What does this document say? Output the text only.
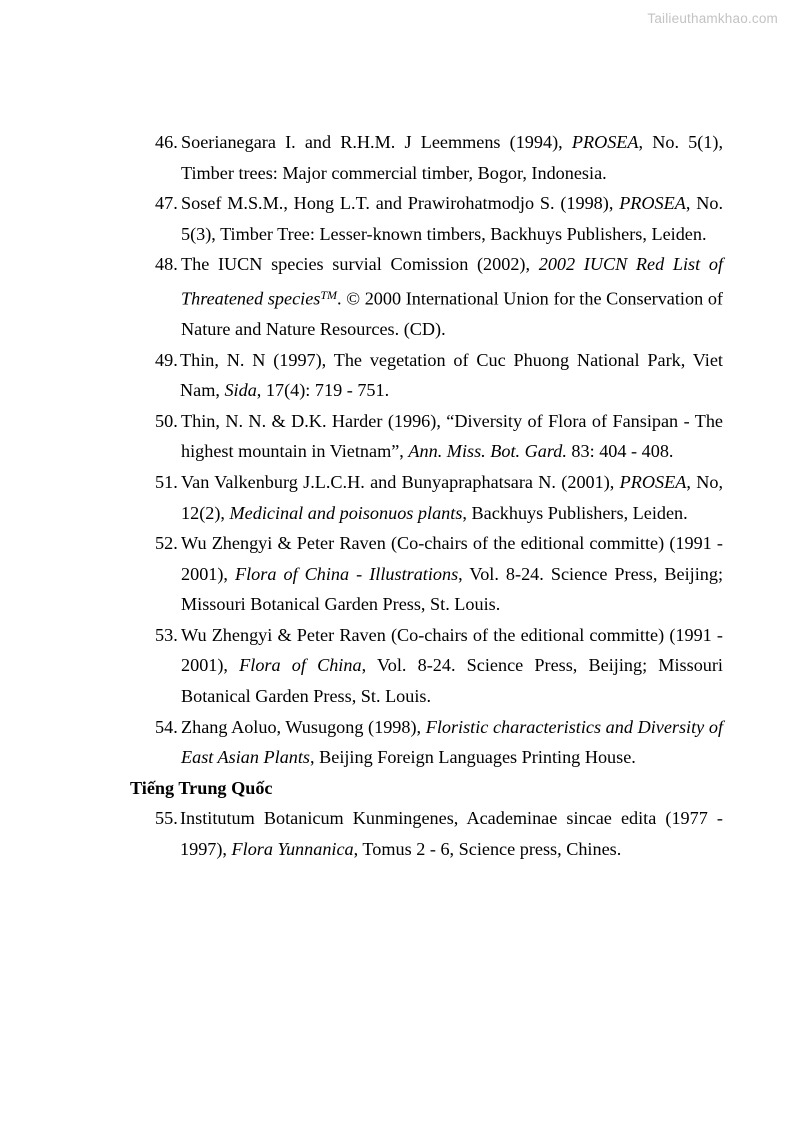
Tailieuthamkhao.com
46. Soerianegara I. and R.H.M. J Leemmens (1994), PROSEA, No. 5(1), Timber trees: Major commercial timber, Bogor, Indonesia.
47. Sosef M.S.M., Hong L.T. and Prawirohatmodjo S. (1998), PROSEA, No. 5(3), Timber Tree: Lesser-known timbers, Backhuys Publishers, Leiden.
48. The IUCN species survial Comission (2002), 2002 IUCN Red List of Threatened species™. © 2000 International Union for the Conservation of Nature and Nature Resources. (CD).
49. Thin, N. N (1997), The vegetation of Cuc Phuong National Park, Viet Nam, Sida, 17(4): 719 - 751.
50. Thin, N. N. & D.K. Harder (1996), “Diversity of Flora of Fansipan - The highest mountain in Vietnam”, Ann. Miss. Bot. Gard. 83: 404 - 408.
51. Van Valkenburg J.L.C.H. and Bunyapraphatsara N. (2001), PROSEA, No, 12(2), Medicinal and poisonuos plants, Backhuys Publishers, Leiden.
52. Wu Zhengyi & Peter Raven (Co-chairs of the editional committe) (1991 - 2001), Flora of China - Illustrations, Vol. 8-24. Science Press, Beijing; Missouri Botanical Garden Press, St. Louis.
53. Wu Zhengyi & Peter Raven (Co-chairs of the editional committe) (1991 - 2001), Flora of China, Vol. 8-24. Science Press, Beijing; Missouri Botanical Garden Press, St. Louis.
54. Zhang Aoluo, Wusugong (1998), Floristic characteristics and Diversity of East Asian Plants, Beijing Foreign Languages Printing House.
Tiếng Trung Quốc
55. Institutum Botanicum Kunmingenes, Academinae sincae edita (1977 - 1997), Flora Yunnanica, Tomus 2 - 6, Science press, Chines.
